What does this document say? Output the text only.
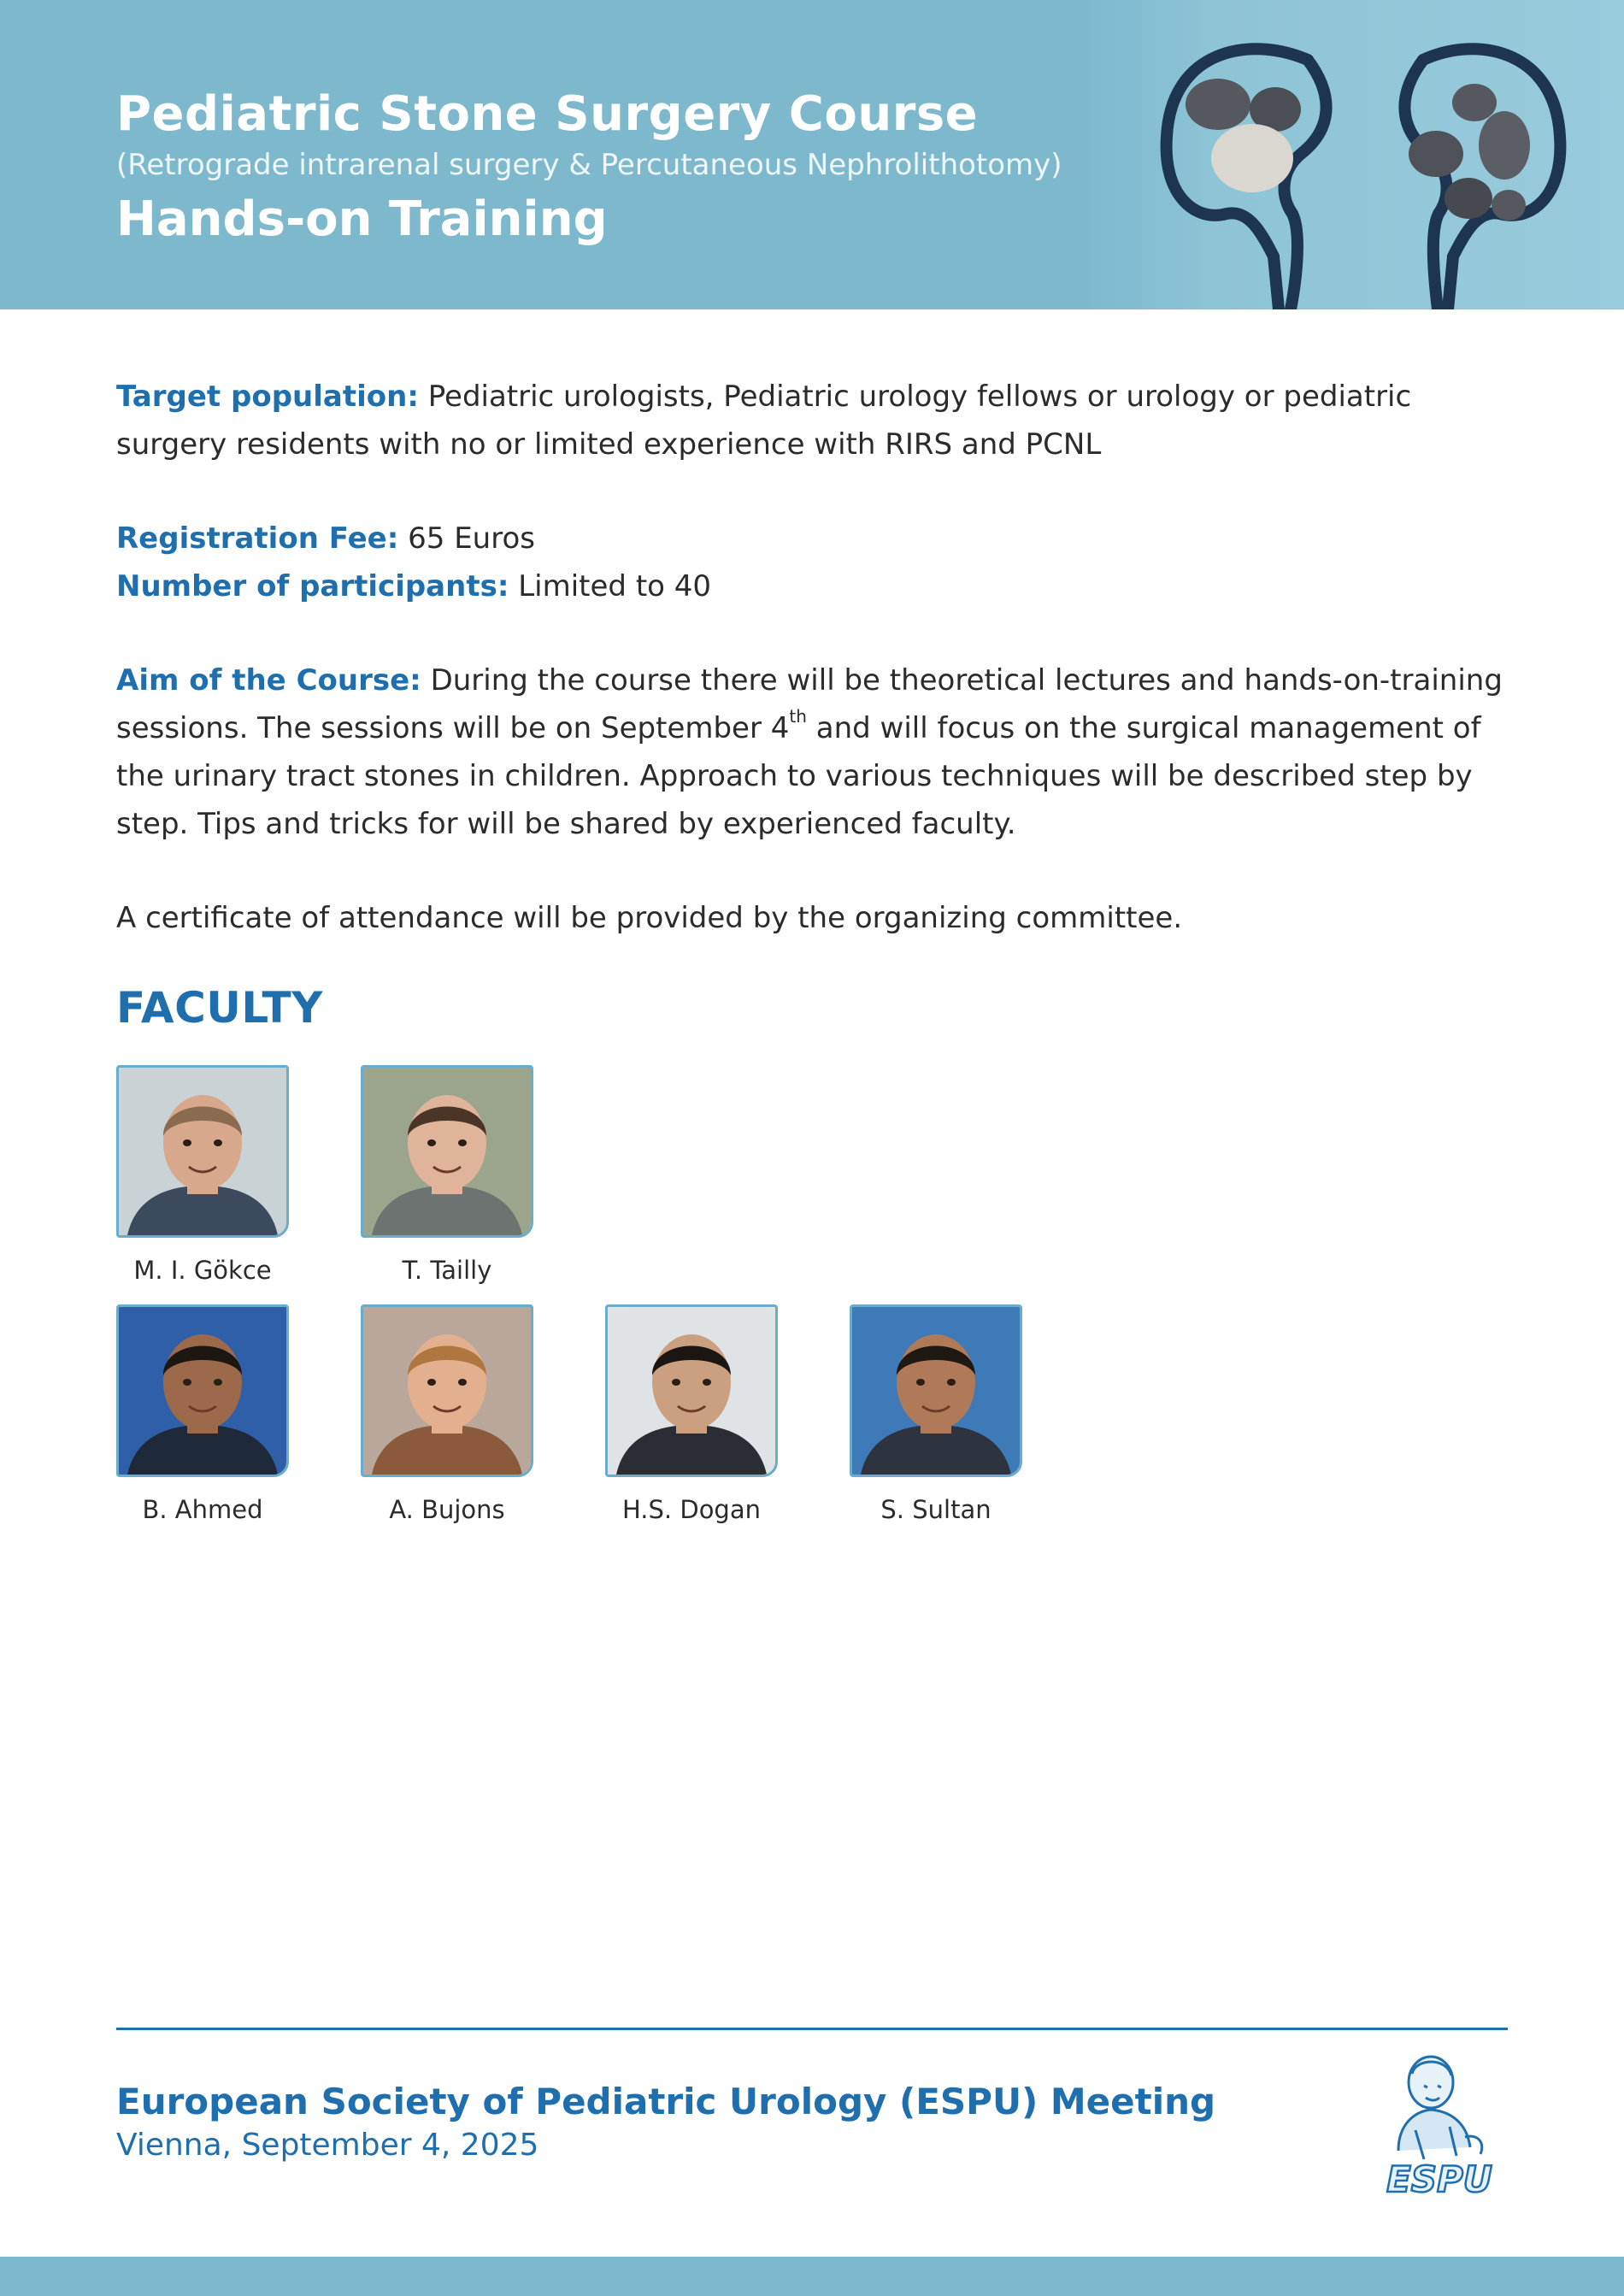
Pediatric Stone Surgery Course
(Retrograde intrarenal surgery & Percutaneous Nephrolithotomy)
Hands-on Training

Target population: Pediatric urologists, Pediatric urology fellows or urology or pediatric surgery residents with no or limited experience with RIRS and PCNL

Registration Fee: 65 Euros

Number of participants: Limited to 40

Aim of the Course: During the course there will be theoretical lectures and hands-on-training sessions. The sessions will be on September 4th and will focus on the surgical management of the urinary tract stones in children. Approach to various techniques will be described step by step. Tips and tricks for will be shared by experienced faculty.

A certificate of attendance will be provided by the organizing committee.

FACULTY
M. I. Gökce	T. Tailly
B. Ahmed	A. Bujons	H.S. Dogan	S. Sultan
European Society of Pediatric Urology (ESPU) Meeting
Vienna, September 4, 2025
ESPU
